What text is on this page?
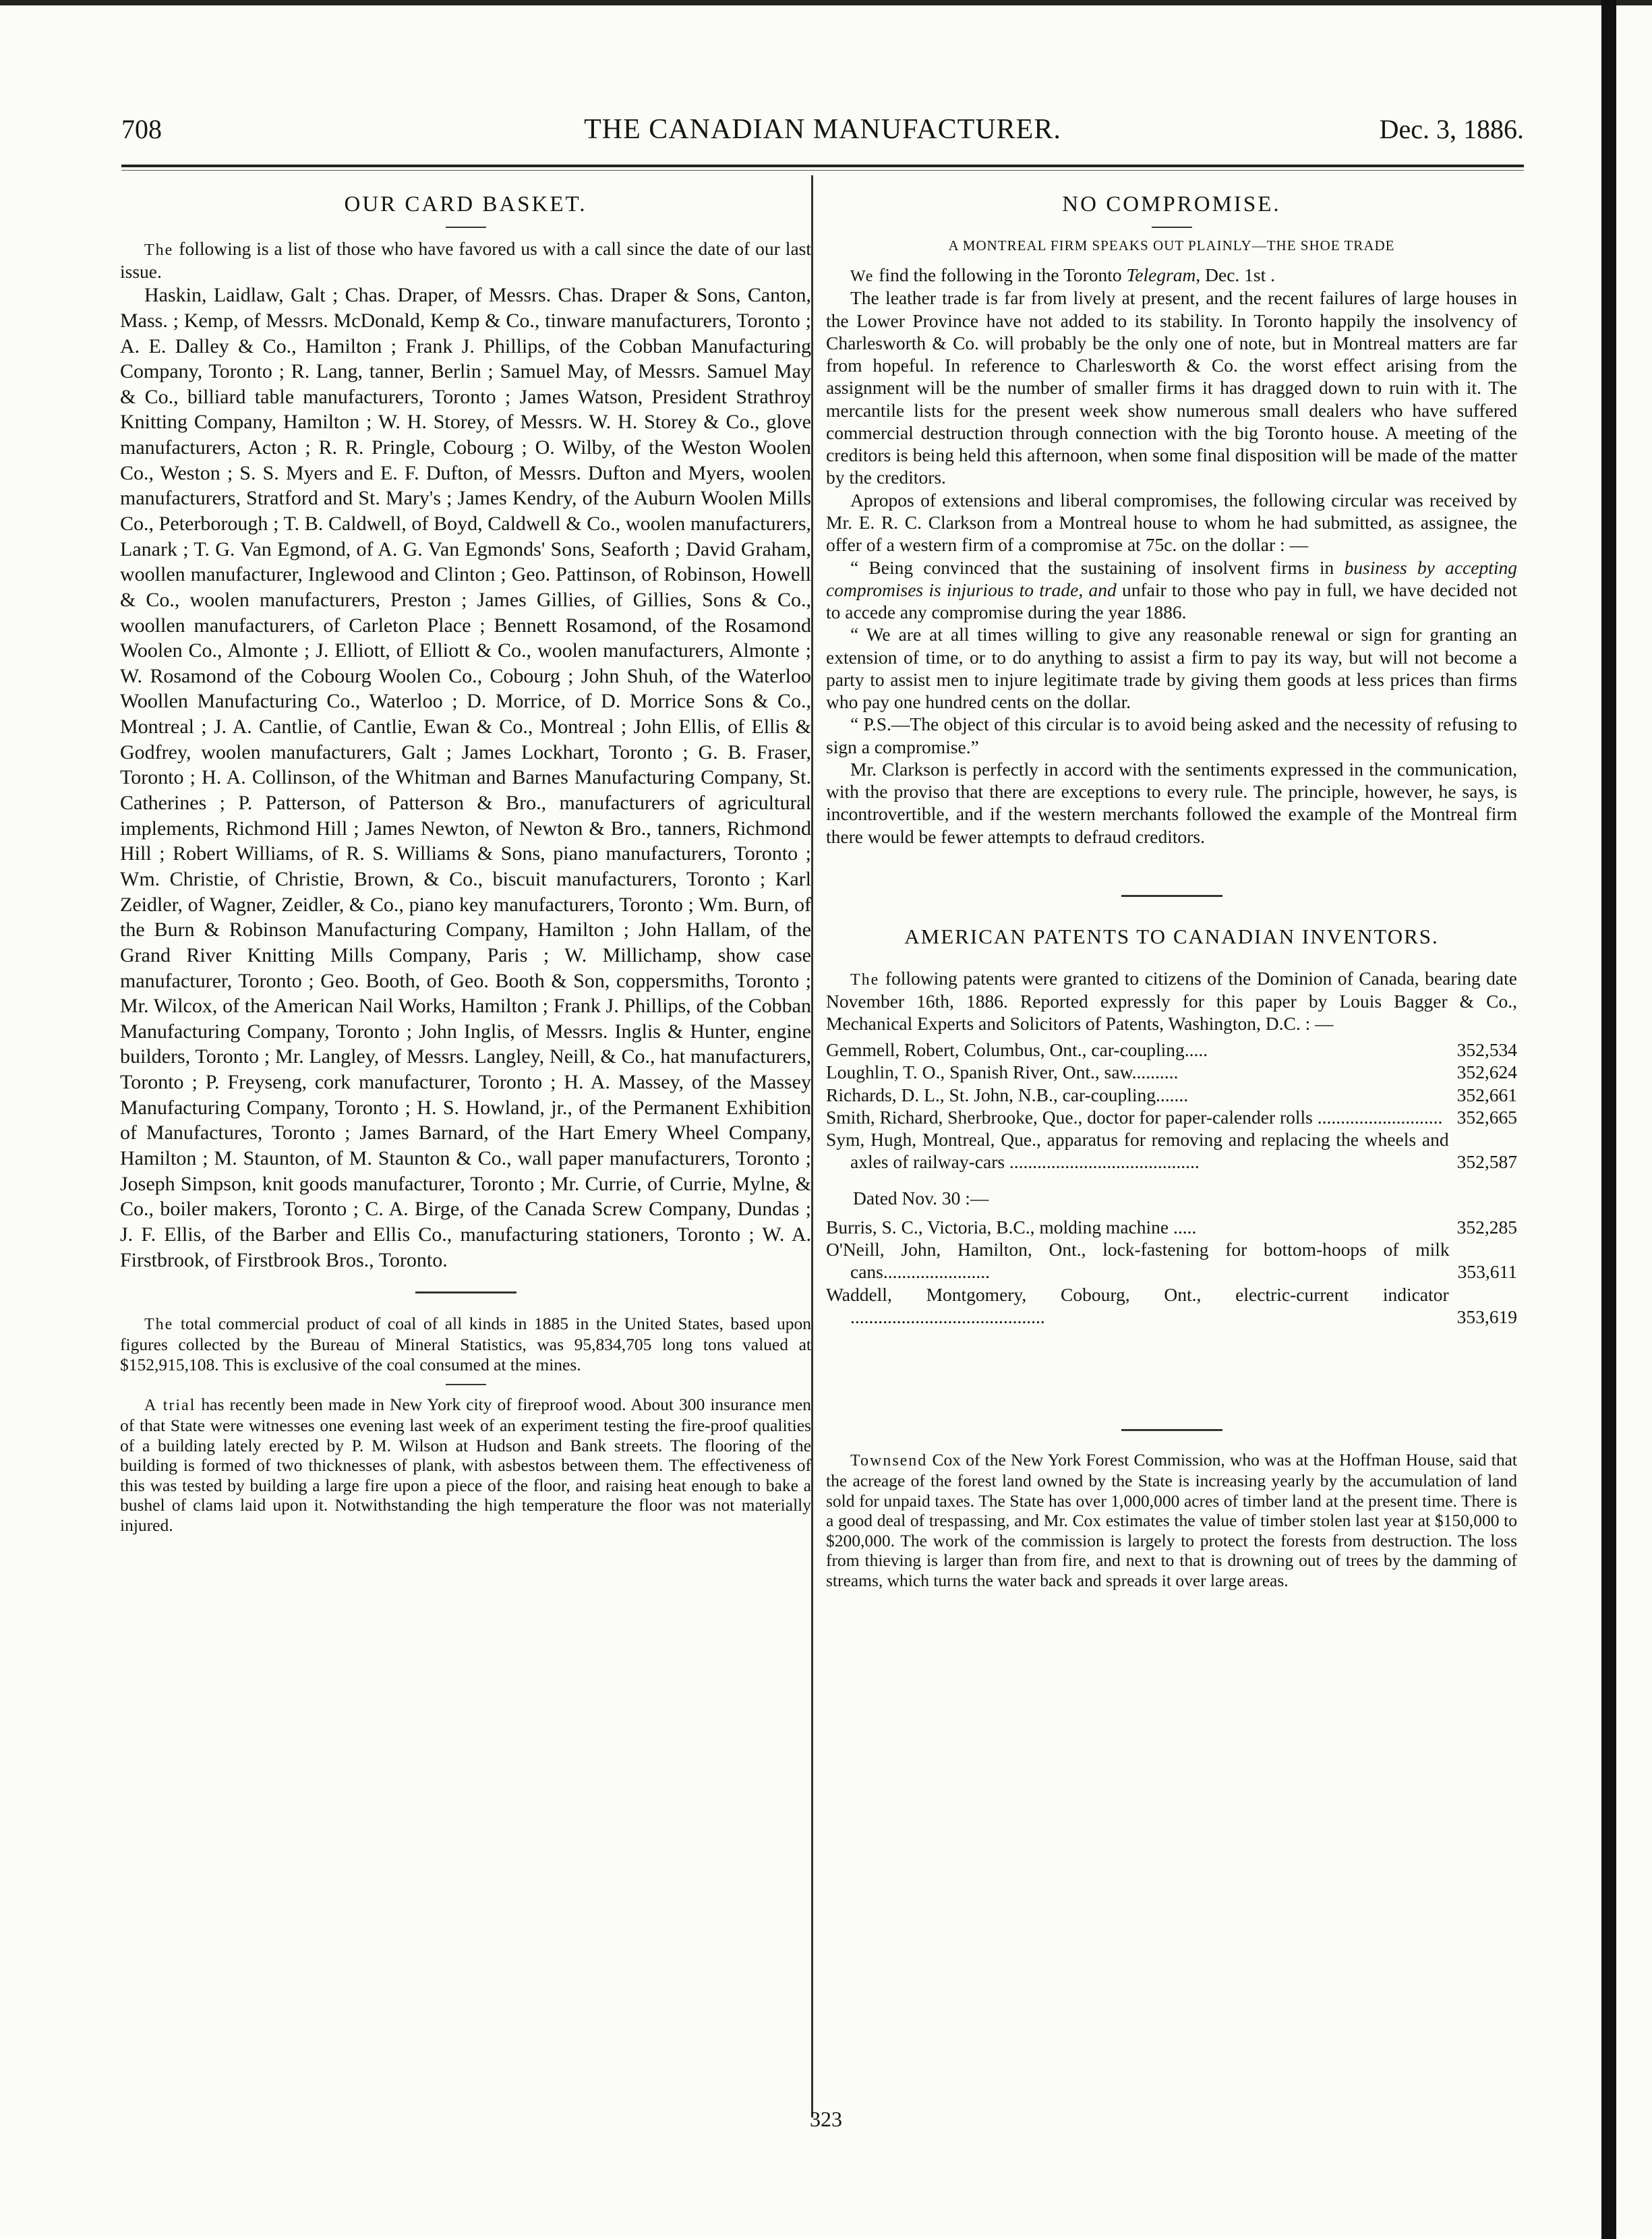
708	THE CANADIAN MANUFACTURER.	Dec. 3, 1886.
OUR CARD BASKET.

The following is a list of those who have favored us with a call since the date of our last issue.

Haskin, Laidlaw, Galt ; Chas. Draper, of Messrs. Chas. Draper & Sons, Canton, Mass. ; Kemp, of Messrs. McDonald, Kemp & Co., tinware manufacturers, Toronto ; A. E. Dalley & Co., Hamilton ; Frank J. Phillips, of the Cobban Manufacturing Company, Toronto ; R. Lang, tanner, Berlin ; Samuel May, of Messrs. Samuel May & Co., billiard table manufacturers, Toronto ; James Watson, President Strathroy Knitting Company, Hamilton ; W. H. Storey, of Messrs. W. H. Storey & Co., glove manufacturers, Acton ; R. R. Pringle, Cobourg ; O. Wilby, of the Weston Woolen Co., Weston ; S. S. Myers and E. F. Dufton, of Messrs. Dufton and Myers, woolen manufacturers, Stratford and St. Mary's ; James Kendry, of the Auburn Woolen Mills Co., Peterborough ; T. B. Caldwell, of Boyd, Caldwell & Co., woolen manufacturers, Lanark ; T. G. Van Egmond, of A. G. Van Egmonds' Sons, Seaforth ; David Graham, woollen manufacturer, Inglewood and Clinton ; Geo. Pattinson, of Robinson, Howell & Co., woolen manufacturers, Preston ; James Gillies, of Gillies, Sons & Co., woollen manufacturers, of Carleton Place ; Bennett Rosamond, of the Rosamond Woolen Co., Almonte ; J. Elliott, of Elliott & Co., woolen manufacturers, Almonte ; W. Rosamond of the Cobourg Woolen Co., Cobourg ; John Shuh, of the Waterloo Woollen Manufacturing Co., Waterloo ; D. Morrice, of D. Morrice Sons & Co., Montreal ; J. A. Cantlie, of Cantlie, Ewan & Co., Montreal ; John Ellis, of Ellis & Godfrey, woolen manufacturers, Galt ; James Lockhart, Toronto ; G. B. Fraser, Toronto ; H. A. Collinson, of the Whitman and Barnes Manufacturing Company, St. Catherines ; P. Patterson, of Patterson & Bro., manufacturers of agricultural implements, Richmond Hill ; James Newton, of Newton & Bro., tanners, Richmond Hill ; Robert Williams, of R. S. Williams & Sons, piano manufacturers, Toronto ; Wm. Christie, of Christie, Brown, & Co., biscuit manufacturers, Toronto ; Karl Zeidler, of Wagner, Zeidler, & Co., piano key manufacturers, Toronto ; Wm. Burn, of the Burn & Robinson Manufacturing Company, Hamilton ; John Hallam, of the Grand River Knitting Mills Company, Paris ; W. Millichamp, show case manufacturer, Toronto ; Geo. Booth, of Geo. Booth & Son, coppersmiths, Toronto ; Mr. Wilcox, of the American Nail Works, Hamilton ; Frank J. Phillips, of the Cobban Manufacturing Company, Toronto ; John Inglis, of Messrs. Inglis & Hunter, engine builders, Toronto ; Mr. Langley, of Messrs. Langley, Neill, & Co., hat manufacturers, Toronto ; P. Freyseng, cork manufacturer, Toronto ; H. A. Massey, of the Massey Manufacturing Company, Toronto ; H. S. Howland, jr., of the Permanent Exhibition of Manufactures, Toronto ; James Barnard, of the Hart Emery Wheel Company, Hamilton ; M. Staunton, of M. Staunton & Co., wall paper manufacturers, Toronto ; Joseph Simpson, knit goods manufacturer, Toronto ; Mr. Currie, of Currie, Mylne, & Co., boiler makers, Toronto ; C. A. Birge, of the Canada Screw Company, Dundas ; J. F. Ellis, of the Barber and Ellis Co., manufacturing stationers, Toronto ; W. A. Firstbrook, of Firstbrook Bros., Toronto.

The total commercial product of coal of all kinds in 1885 in the United States, based upon figures collected by the Bureau of Mineral Statistics, was 95,834,705 long tons valued at $152,915,108. This is exclusive of the coal consumed at the mines.

A trial has recently been made in New York city of fireproof wood. About 300 insurance men of that State were witnesses one evening last week of an experiment testing the fire-proof qualities of a building lately erected by P. M. Wilson at Hudson and Bank streets. The flooring of the building is formed of two thicknesses of plank, with asbestos between them. The effectiveness of this was tested by building a large fire upon a piece of the floor, and raising heat enough to bake a bushel of clams laid upon it. Notwithstanding the high temperature the floor was not materially injured.

NO COMPROMISE.
A MONTREAL FIRM SPEAKS OUT PLAINLY—THE SHOE TRADE

We find the following in the Toronto Telegram, Dec. 1st .

The leather trade is far from lively at present, and the recent failures of large houses in the Lower Province have not added to its stability. In Toronto happily the insolvency of Charlesworth & Co. will probably be the only one of note, but in Montreal matters are far from hopeful. In reference to Charlesworth & Co. the worst effect arising from the assignment will be the number of smaller firms it has dragged down to ruin with it. The mercantile lists for the present week show numerous small dealers who have suffered commercial destruction through connection with the big Toronto house. A meeting of the creditors is being held this afternoon, when some final disposition will be made of the matter by the creditors.

Apropos of extensions and liberal compromises, the following circular was received by Mr. E. R. C. Clarkson from a Montreal house to whom he had submitted, as assignee, the offer of a western firm of a compromise at 75c. on the dollar : —

“ Being convinced that the sustaining of insolvent firms in business by accepting compromises is injurious to trade, and unfair to those who pay in full, we have decided not to accede any compromise during the year 1886.

“ We are at all times willing to give any reasonable renewal or sign for granting an extension of time, or to do anything to assist a firm to pay its way, but will not become a party to assist men to injure legitimate trade by giving them goods at less prices than firms who pay one hundred cents on the dollar.

“ P.S.—The object of this circular is to avoid being asked and the necessity of refusing to sign a compromise.”

Mr. Clarkson is perfectly in accord with the sentiments expressed in the communication, with the proviso that there are exceptions to every rule. The principle, however, he says, is incontrovertible, and if the western merchants followed the example of the Montreal firm there would be fewer attempts to defraud creditors.

AMERICAN PATENTS TO CANADIAN INVENTORS.

The following patents were granted to citizens of the Dominion of Canada, bearing date November 16th, 1886. Reported expressly for this paper by Louis Bagger & Co., Mechanical Experts and Solicitors of Patents, Washington, D.C. : —

Gemmell, Robert, Columbus, Ont., car-coupling.....	352,534
Loughlin, T. O., Spanish River, Ont., saw..........	352,624
Richards, D. L., St. John, N.B., car-coupling.......	352,661
Smith, Richard, Sherbrooke, Que., doctor for paper-calender rolls ........................... 352,665
Sym, Hugh, Montreal, Que., apparatus for removing and replacing the wheels and axles of railway-cars .........................................	352,587
Dated Nov. 30 :—
Burris, S. C., Victoria, B.C., molding machine .....	352,285
O'Neill, John, Hamilton, Ont., lock-fastening for bottom-hoops of milk cans.......................	353,611
Waddell, Montgomery, Cobourg, Ont., electric-current indicator ..........................................	353,619

Townsend Cox of the New York Forest Commission, who was at the Hoffman House, said that the acreage of the forest land owned by the State is increasing yearly by the accumulation of land sold for unpaid taxes. The State has over 1,000,000 acres of timber land at the present time. There is a good deal of trespassing, and Mr. Cox estimates the value of timber stolen last year at $150,000 to $200,000. The work of the commission is largely to protect the forests from destruction. The loss from thieving is larger than from fire, and next to that is drowning out of trees by the damming of streams, which turns the water back and spreads it over large areas.

323
